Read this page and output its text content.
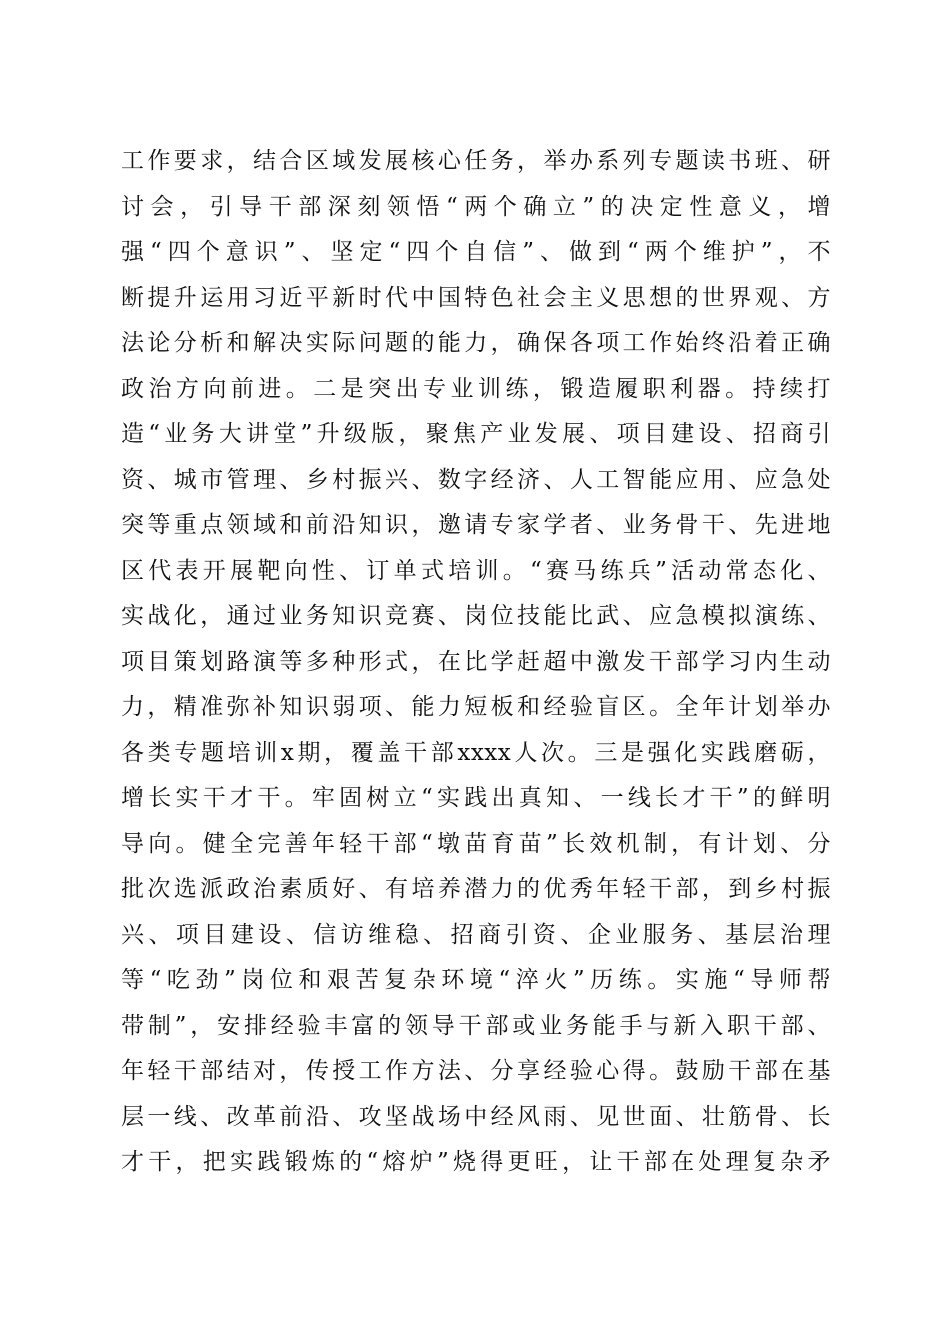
工作要求，结合区域发展核心任务，举办系列专题读书班、研
讨会，引导干部深刻领悟“两个确立”的决定性意义，增
强“四个意识”、坚定“四个自信”、做到“两个维护”，不
断提升运用习近平新时代中国特色社会主义思想的世界观、方
法论分析和解决实际问题的能力，确保各项工作始终沿着正确
政治方向前进。二是突出专业训练，锻造履职利器。持续打
造“业务大讲堂”升级版，聚焦产业发展、项目建设、招商引
资、城市管理、乡村振兴、数字经济、人工智能应用、应急处
突等重点领域和前沿知识，邀请专家学者、业务骨干、先进地
区代表开展靶向性、订单式培训。“赛马练兵”活动常态化、
实战化，通过业务知识竞赛、岗位技能比武、应急模拟演练、
项目策划路演等多种形式，在比学赶超中激发干部学习内生动
力，精准弥补知识弱项、能力短板和经验盲区。全年计划举办
各类专题培训x期，覆盖干部xxxx人次。三是强化实践磨砺，
增长实干才干。牢固树立“实践出真知、一线长才干”的鲜明
导向。健全完善年轻干部“墩苗育苗”长效机制，有计划、分
批次选派政治素质好、有培养潜力的优秀年轻干部，到乡村振
兴、项目建设、信访维稳、招商引资、企业服务、基层治理
等“吃劲”岗位和艰苦复杂环境“淬火”历练。实施“导师帮
带制”，安排经验丰富的领导干部或业务能手与新入职干部、
年轻干部结对，传授工作方法、分享经验心得。鼓励干部在基
层一线、改革前沿、攻坚战场中经风雨、见世面、壮筋骨、长
才干，把实践锻炼的“熔炉”烧得更旺，让干部在处理复杂矛
